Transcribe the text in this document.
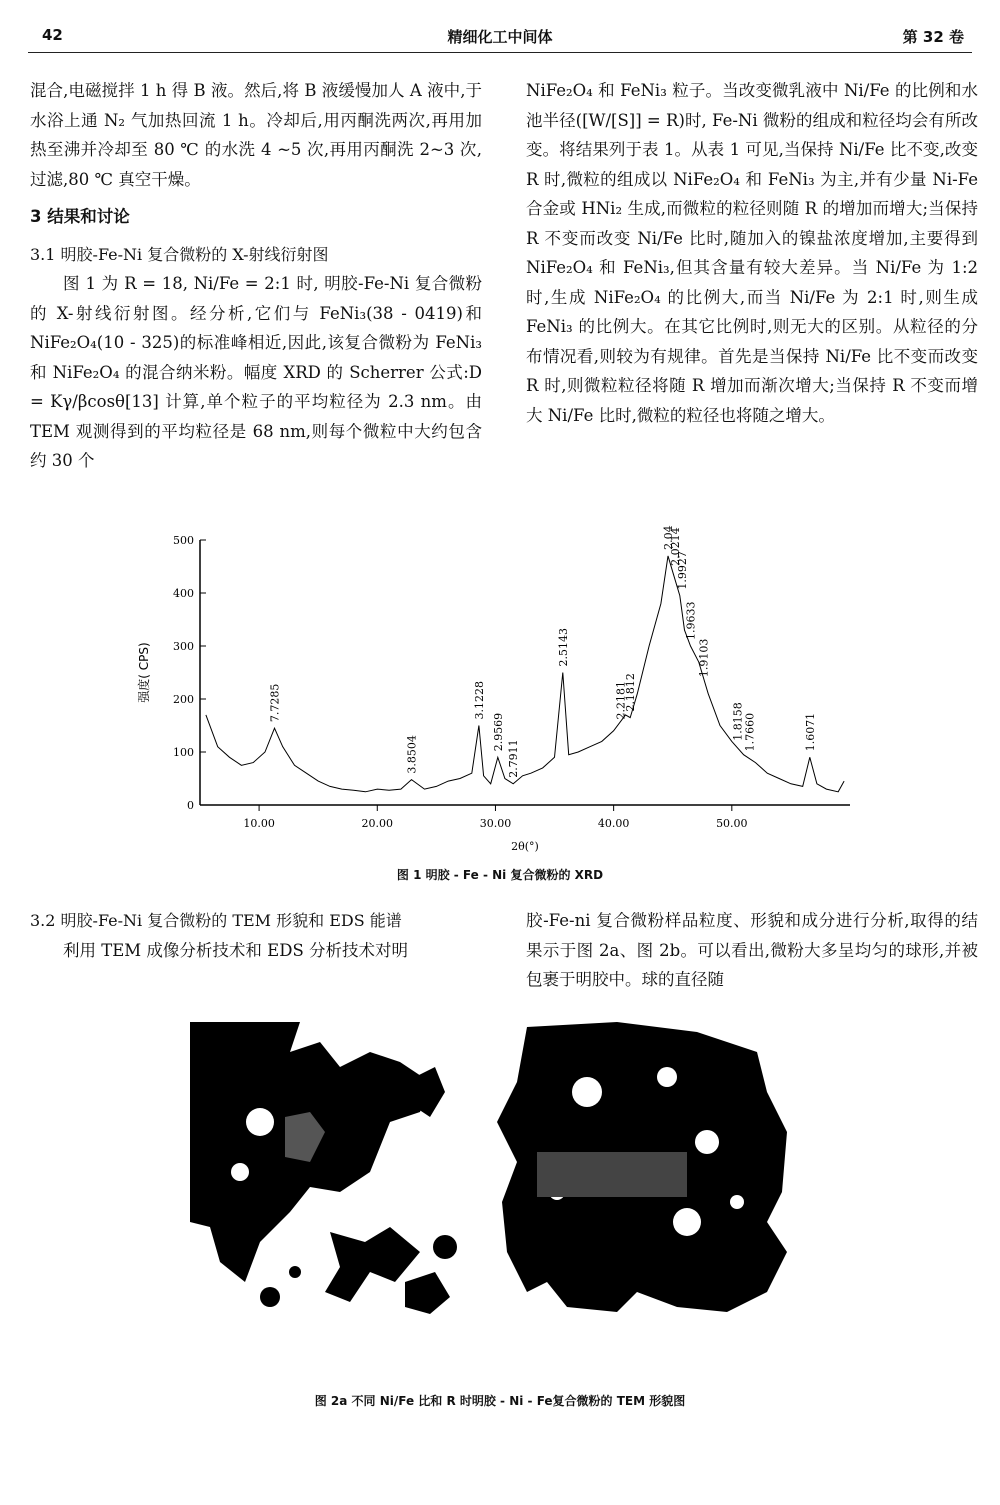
42	精细化工中间体	第 32 卷

混合,电磁搅拌 1 h 得 B 液。然后,将 B 液缓慢加人 A 液中,于水浴上通 N₂ 气加热回流 1 h。冷却后,用丙酮洗两次,再用加热至沸并冷却至 80 ℃ 的水洗 4 ~5 次,再用丙酮洗 2~3 次,过滤,80 ℃ 真空干燥。

3 结果和讨论

3.1 明胶-Fe-Ni 复合微粉的 X-射线衍射图

图 1 为 R = 18, Ni/Fe = 2:1 时, 明胶-Fe-Ni 复合微粉的 X-射线衍射图。经分析,它们与 FeNi₃(38 - 0419)和 NiFe₂O₄(10 - 325)的标准峰相近,因此,该复合微粉为 FeNi₃ 和 NiFe₂O₄ 的混合纳米粉。幅度 XRD 的 Scherrer 公式:D = Kγ/βcosθ[13] 计算,单个粒子的平均粒径为 2.3 nm。由 TEM 观测得到的平均粒径是 68 nm,则每个微粒中大约包含约 30 个

NiFe₂O₄ 和 FeNi₃ 粒子。当改变微乳液中 Ni/Fe 的比例和水池半径([W/[S]] = R)时, Fe-Ni 微粉的组成和粒径均会有所改变。将结果列于表 1。从表 1 可见,当保持 Ni/Fe 比不变,改变 R 时,微粒的组成以 NiFe₂O₄ 和 FeNi₃ 为主,并有少量 Ni-Fe 合金或 HNi₂ 生成,而微粒的粒径则随 R 的增加而增大;当保持 R 不变而改变 Ni/Fe 比时,随加入的镍盐浓度增加,主要得到 NiFe₂O₄ 和 FeNi₃,但其含量有较大差异。当 Ni/Fe 为 1:2 时,生成 NiFe₂O₄ 的比例大,而当 Ni/Fe 为 2:1 时,则生成 FeNi₃ 的比例大。在其它比例时,则无大的区别。从粒径的分布情况看,则较为有规律。首先是当保持 Ni/Fe 比不变而改变 R 时,则微粒粒径将随 R 增加而渐次增大;当保持 R 不变而增大 Ni/Fe 比时,微粒的粒径也将随之增大。

0
100
200
300
400
500
10.00	20.00	30.00	40.00	50.00
2θ(°)
强度( CPS)
7.7285
3.8504
3.1228
2.9569
2.7911
2.5143
2.2181
2.1812
2.0455
2.0214
1.9927
1.9633
1.9103
1.8158
1.7660	1.6071
图 1 明胶 - Fe - Ni 复合微粉的 XRD

3.2 明胶-Fe-Ni 复合微粉的 TEM 形貌和 EDS 能谱

利用 TEM 成像分析技术和 EDS 分析技术对明

胶-Fe-ni 复合微粉样品粒度、形貌和成分进行分析,取得的结果示于图 2a、图 2b。可以看出,微粉大多呈均匀的球形,并被包裹于明胶中。球的直径随

图 2a 不同 Ni/Fe 比和 R 时明胶 - Ni - Fe复合微粉的 TEM 形貌图
